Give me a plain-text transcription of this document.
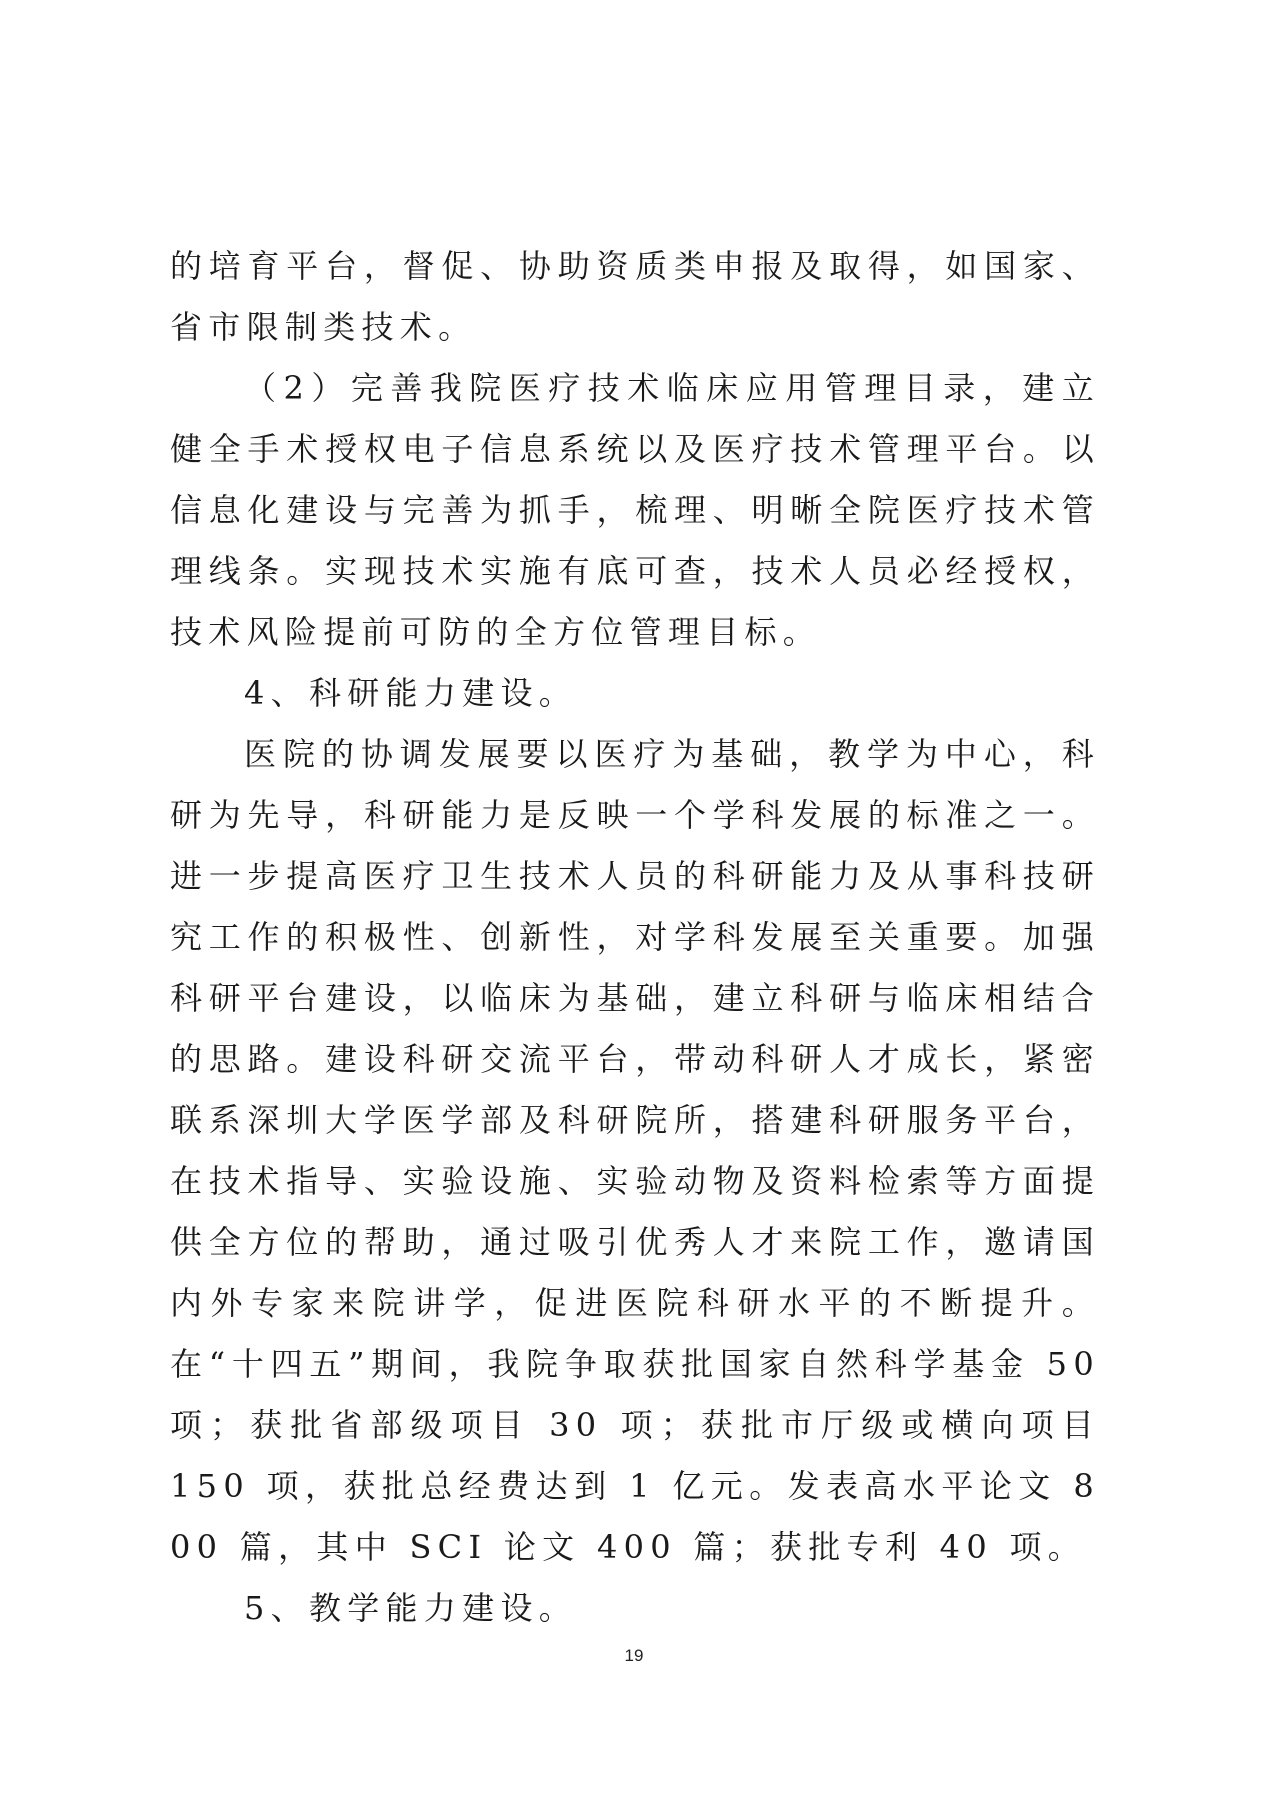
的培育平台，督促、协助资质类申报及取得，如国家、省市限制类技术。

（2）完善我院医疗技术临床应用管理目录，建立健全手术授权电子信息系统以及医疗技术管理平台。以信息化建设与完善为抓手，梳理、明晰全院医疗技术管理线条。实现技术实施有底可查，技术人员必经授权，技术风险提前可防的全方位管理目标。

4、科研能力建设。

医院的协调发展要以医疗为基础，教学为中心，科研为先导，科研能力是反映一个学科发展的标准之一。进一步提高医疗卫生技术人员的科研能力及从事科技研究工作的积极性、创新性，对学科发展至关重要。加强科研平台建设，以临床为基础，建立科研与临床相结合的思路。建设科研交流平台，带动科研人才成长，紧密联系深圳大学医学部及科研院所，搭建科研服务平台，在技术指导、实验设施、实验动物及资料检索等方面提供全方位的帮助，通过吸引优秀人才来院工作，邀请国内外专家来院讲学，促进医院科研水平的不断提升。在“十四五”期间，我院争取获批国家自然科学基金 50 项；获批省部级项目 30 项；获批市厅级或横向项目 150 项，获批总经费达到 1 亿元。发表高水平论文 800 篇，其中 SCI 论文 400 篇；获批专利 40 项。

5、教学能力建设。

19
